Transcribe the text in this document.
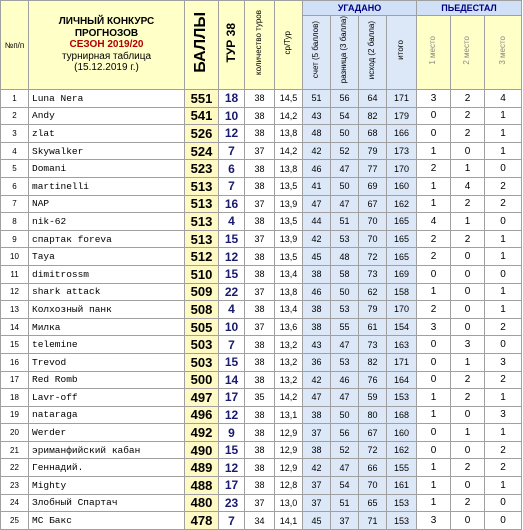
№п/п	ЛИЧНЫЙ КОНКУРС
ПРОГНОЗОВ
СЕЗОН 2019/20
турнирная таблица
(15.12.2019 г.)	БАЛЛЫ	ТУР 38	количество туров	ср/Тур	УГАДАНО				ПЬЕДЕСТАЛ		
						счет (5 баллов)	разница (3 балла)	исход (2 балла)	итого	1 место	2 место	3 место
1	Luna Nera	551	18	38	14,5	51	56	64	171	3	2	4
2	Andy	541	10	38	14,2	43	54	82	179	0	2	1
3	zlat	526	12	38	13,8	48	50	68	166	0	2	1
4	Skywalker	524	7	37	14,2	42	52	79	173	1	0	1
5	Domani	523	6	38	13,8	46	47	77	170	2	1	0
6	martinelli	513	7	38	13,5	41	50	69	160	1	4	2
7	NAP	513	16	37	13,9	47	47	67	162	1	2	2
8	nik-62	513	4	38	13,5	44	51	70	165	4	1	0
9	спартак foreva	513	15	37	13,9	42	53	70	165	2	2	1
10	Taya	512	12	38	13,5	45	48	72	165	2	0	1
11	dimitrossm	510	15	38	13,4	38	58	73	169	0	0	0
12	shark attack	509	22	37	13,8	46	50	62	158	1	0	1
13	Колхозный панк	508	4	38	13,4	38	53	79	170	2	0	1
14	Милка	505	10	37	13,6	38	55	61	154	3	0	2
15	telemine	503	7	38	13,2	43	47	73	163	0	3	0
16	Trevod	503	15	38	13,2	36	53	82	171	0	1	3
17	Red Romb	500	14	38	13,2	42	46	76	164	0	2	2
18	Lavr-off	497	17	35	14,2	47	47	59	153	1	2	1
19	nataraga	496	12	38	13,1	38	50	80	168	1	0	3
20	Werder	492	9	38	12,9	37	56	67	160	0	1	1
21	эриманфийский кабан	490	15	38	12,9	38	52	72	162	0	0	2
22	Геннадий.	489	12	38	12,9	42	47	66	155	1	2	2
23	Mighty	488	17	38	12,8	37	54	70	161	1	0	1
24	Злобный Спартач	480	23	37	13,0	37	51	65	153	1	2	0
25	МС Бакс	478	7	34	14,1	45	37	71	153	3	0	0
